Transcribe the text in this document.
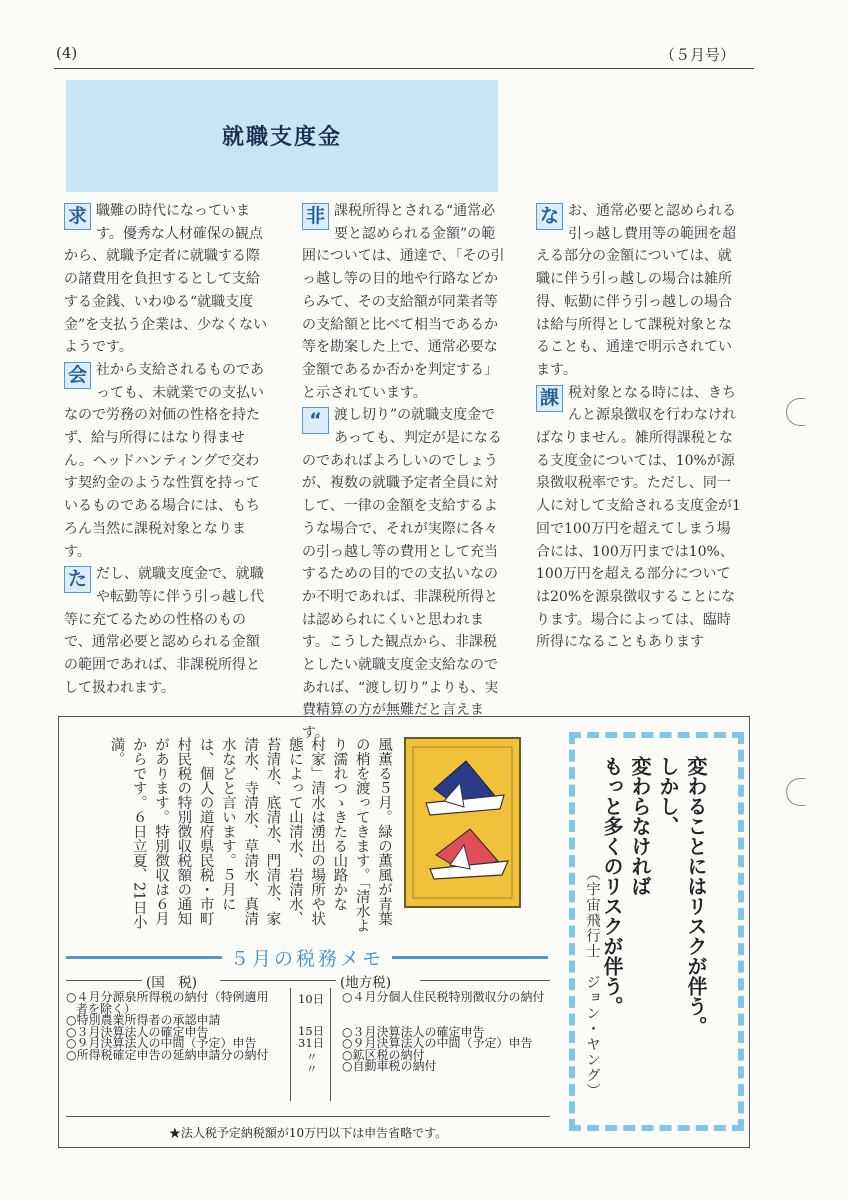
(4)	（５月号）
就職支度金

求 職難の時代になっています。優秀な人材確保の観点から、就職予定者に就職する際の諸費用を負担するとして支給する金銭、いわゆる“就職支度金”を支払う企業は、少なくないようです。

会 社から支給されるものであっても、未就業での支払いなので労務の対価の性格を持たず、給与所得にはなり得ません。ヘッドハンティングで交わす契約金のような性質を持っているものである場合には、もちろん当然に課税対象となります。

た だし、就職支度金で、就職や転勤等に伴う引っ越し代等に充てるための性格のもので、通常必要と認められる金額の範囲であれば、非課税所得として扱われます。

非 課税所得とされる“通常必要と認められる金額”の範囲については、通達で、「その引っ越し等の目的地や行路などからみて、その支給額が同業者等の支給額と比べて相当であるか等を勘案した上で、通常必要な金額であるか否かを判定する」と示されています。

“ 渡し切り”の就職支度金であっても、判定が是になるのであればよろしいのでしょうが、複数の就職予定者全員に対して、一律の金額を支給するような場合で、それが実際に各々の引っ越し等の費用として充当するための目的での支払いなのか不明であれば、非課税所得とは認められにくいと思われます。こうした観点から、非課税としたい就職支度金支給なのであれば、“渡し切り”よりも、実費精算の方が無難だと言えます。

な お、通常必要と認められる引っ越し費用等の範囲を超える部分の金額については、就職に伴う引っ越しの場合は雑所得、転勤に伴う引っ越しの場合は給与所得として課税対象となることも、通達で明示されています。

課 税対象となる時には、きちんと源泉徴収を行わなければなりません。雑所得課税となる支度金については、10%が源泉徴収税率です。ただし、同一人に対して支給される支度金が1回で100万円を超えてしまう場合には、100万円までは10%、100万円を超える部分については20%を源泉徴収することになります。場合によっては、臨時所得になることもあります

風薫る５月。緑の薫風が青葉の梢を渡ってきます。「清水より濡れつゝきたる山路かな　村家」清水は湧出の場所や状態によって山清水、岩清水、苔清水、底清水、門清水、家清水、寺清水、草清水、真清水などと言います。５月には、個人の道府県民税・市町村民税の特別徴収税額の通知があります。特別徴収は６月からです。６日立夏、21日小満。
変わることにはリスクが伴う。
しかし、
変わらなければ
もっと多くのリスクが伴う。
（宇宙飛行士　ジョン・ヤング）
５月の税務メモ
(国　税)	(地方税)
○４月分源泉所得税の納付（特例適用
者を除く）
○特別農業所得者の承認申請
○３月決算法人の確定申告
○９月決算法人の中間（予定）申告
○所得税確定申告の延納申請分の納付
10日
15日
31日
〃
〃
○４月分個人住民税特別徴収分の納付
○３月決算法人の確定申告
○９月決算法人の中間（予定）申告
○鉱区税の納付
○自動車税の納付
★法人税予定納税額が10万円以下は申告省略です。
